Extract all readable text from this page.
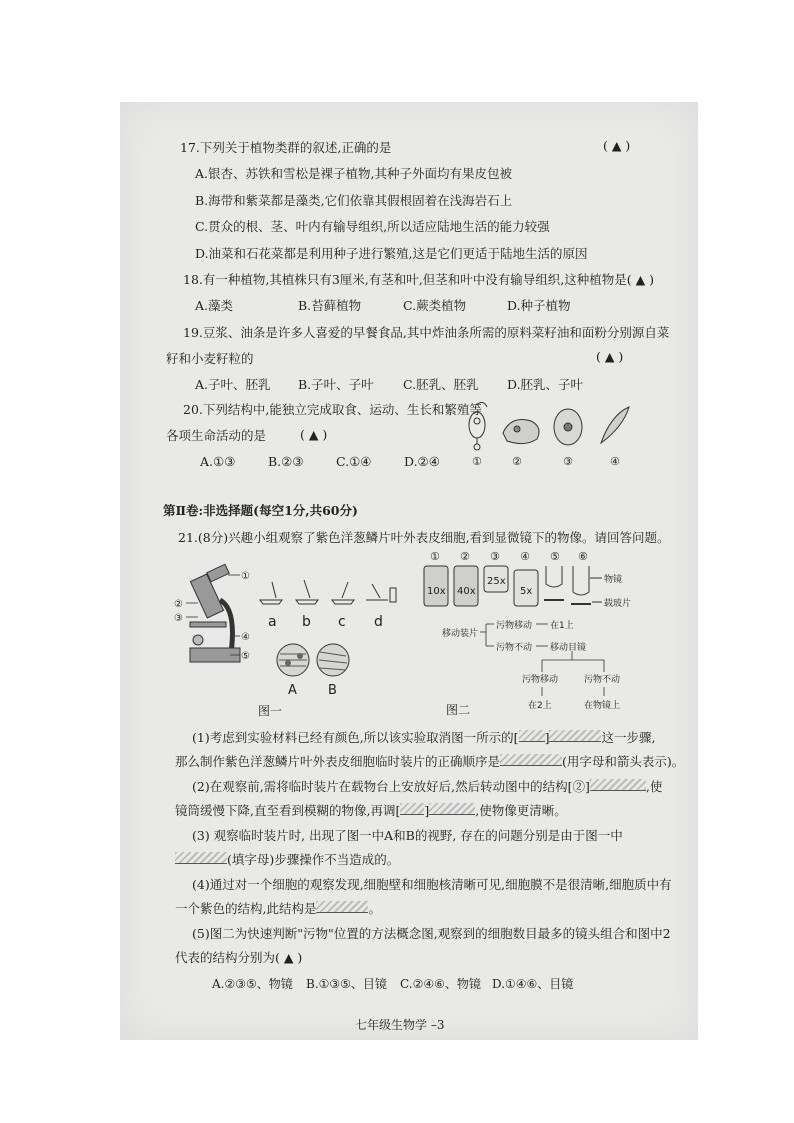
17.下列关于植物类群的叙述,正确的是	( ▲ )
A.银杏、苏铁和雪松是裸子植物,其种子外面均有果皮包被
B.海带和紫菜都是藻类,它们依靠其假根固着在浅海岩石上
C.贯众的根、茎、叶内有输导组织,所以适应陆地生活的能力较强
D.油菜和石花菜都是利用种子进行繁殖,这是它们更适于陆地生活的原因
18.有一种植物,其植株只有3厘米,有茎和叶,但茎和叶中没有输导组织,这种植物是( ▲ )
A.藻类	B.苔藓植物	C.蕨类植物	D.种子植物
19.豆浆、油条是许多人喜爱的早餐食品,其中炸油条所需的原料菜籽油和面粉分别源自菜
籽和小麦籽粒的	( ▲ )
A.子叶、胚乳 B.子叶、子叶 C.胚乳、胚乳 D.胚乳、子叶
20.下列结构中,能独立完成取食、运动、生长和繁殖等
各项生命活动的是	( ▲ )
A.①③	B.②③	C.①④	D.②④	①	②	③	④
第Ⅱ卷:非选择题(每空1分,共60分)
21.(8分)兴趣小组观察了紫色洋葱鳞片叶外表皮细胞,看到显微镜下的物像。请回答问题。
①
②
③
④
⑤
a b c d
A B
图一
① ② ③ ④ ⑤ ⑥
10x 40x
25x
5x
物镜
载玻片
移动装片
污物移动 在1上
污物不动 移动目镜
污物移动	污物不动
在2上	在物镜上
图二
(1)考虑到实验材料已经有颜色,所以该实验取消图一所示的[ ]	这一步骤,
那么制作紫色洋葱鳞片叶外表皮细胞临时装片的正确顺序是	(用字母和箭头表示)。
(2)在观察前,需将临时装片在载物台上安放好后,然后转动图中的结构[②]	,使
镜筒缓慢下降,直至看到模糊的物像,再调[ ]	,使物像更清晰。
(3) 观察临时装片时, 出现了图一中A和B的视野, 存在的问题分别是由于图一中
(填字母)步骤操作不当造成的。
(4)通过对一个细胞的观察发现,细胞壁和细胞核清晰可见,细胞膜不是很清晰,细胞质中有
一个紫色的结构,此结构是	。
(5)图二为快速判断"污物"位置的方法概念图,观察到的细胞数目最多的镜头组合和图中2
代表的结构分别为( ▲ )
A.②③⑤、物镜 B.①③⑤、目镜 C.②④⑥、物镜 D.①④⑥、目镜
七年级生物学 –3
